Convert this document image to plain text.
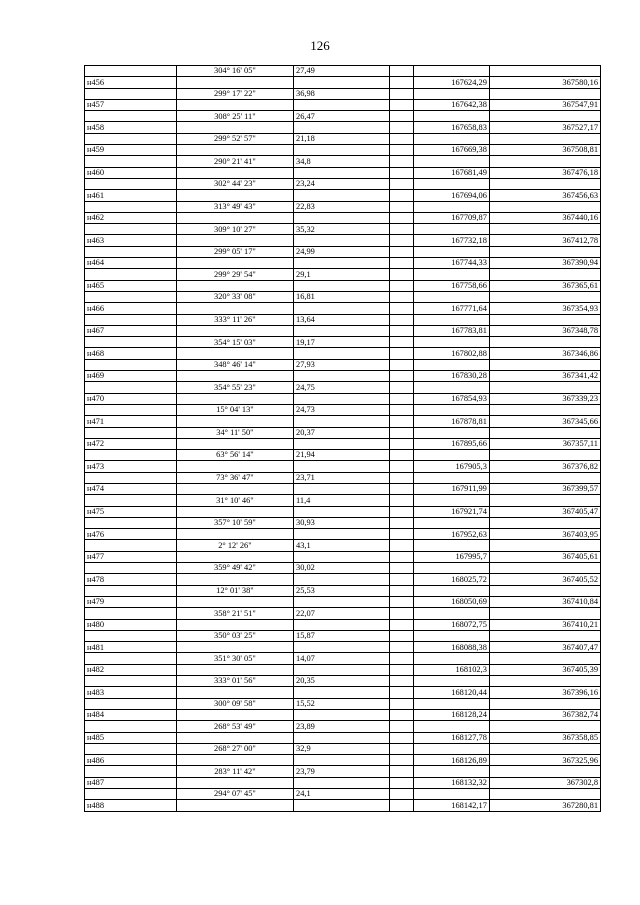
126
	304° 16' 05"	27,49			
н456				167624,29	367580,16
	299° 17' 22"	36,98			
н457				167642,38	367547,91
	308° 25' 11"	26,47			
н458				167658,83	367527,17
	299° 52' 57"	21,18			
н459				167669,38	367508,81
	290° 21' 41"	34,8			
н460				167681,49	367476,18
	302° 44' 23"	23,24			
н461				167694,06	367456,63
	313° 49' 43"	22,83			
н462				167709,87	367440,16
	309° 10' 27"	35,32			
н463				167732,18	367412,78
	299° 05' 17"	24,99			
н464				167744,33	367390,94
	299° 29' 54"	29,1			
н465				167758,66	367365,61
	320° 33' 08"	16,81			
н466				167771,64	367354,93
	333° 11' 26"	13,64			
н467				167783,81	367348,78
	354° 15' 03"	19,17			
н468				167802,88	367346,86
	348° 46' 14"	27,93			
н469				167830,28	367341,42
	354° 55' 23"	24,75			
н470				167854,93	367339,23
	15° 04' 13"	24,73			
н471				167878,81	367345,66
	34° 11' 50"	20,37			
н472				167895,66	367357,11
	63° 56' 14"	21,94			
н473				167905,3	367376,82
	73° 36' 47"	23,71			
н474				167911,99	367399,57
	31° 10' 46"	11,4			
н475				167921,74	367405,47
	357° 10' 59"	30,93			
н476				167952,63	367403,95
	2° 12' 26"	43,1			
н477				167995,7	367405,61
	359° 49' 42"	30,02			
н478				168025,72	367405,52
	12° 01' 38"	25,53			
н479				168050,69	367410,84
	358° 21' 51"	22,07			
н480				168072,75	367410,21
	350° 03' 25"	15,87			
н481				168088,38	367407,47
	351° 30' 05"	14,07			
н482				168102,3	367405,39
	333° 01' 56"	20,35			
н483				168120,44	367396,16
	300° 09' 58"	15,52			
н484				168128,24	367382,74
	268° 53' 49"	23,89			
н485				168127,78	367358,85
	268° 27' 00"	32,9			
н486				168126,89	367325,96
	283° 11' 42"	23,79			
н487				168132,32	367302,8
	294° 07' 45"	24,1			
н488				168142,17	367280,81
